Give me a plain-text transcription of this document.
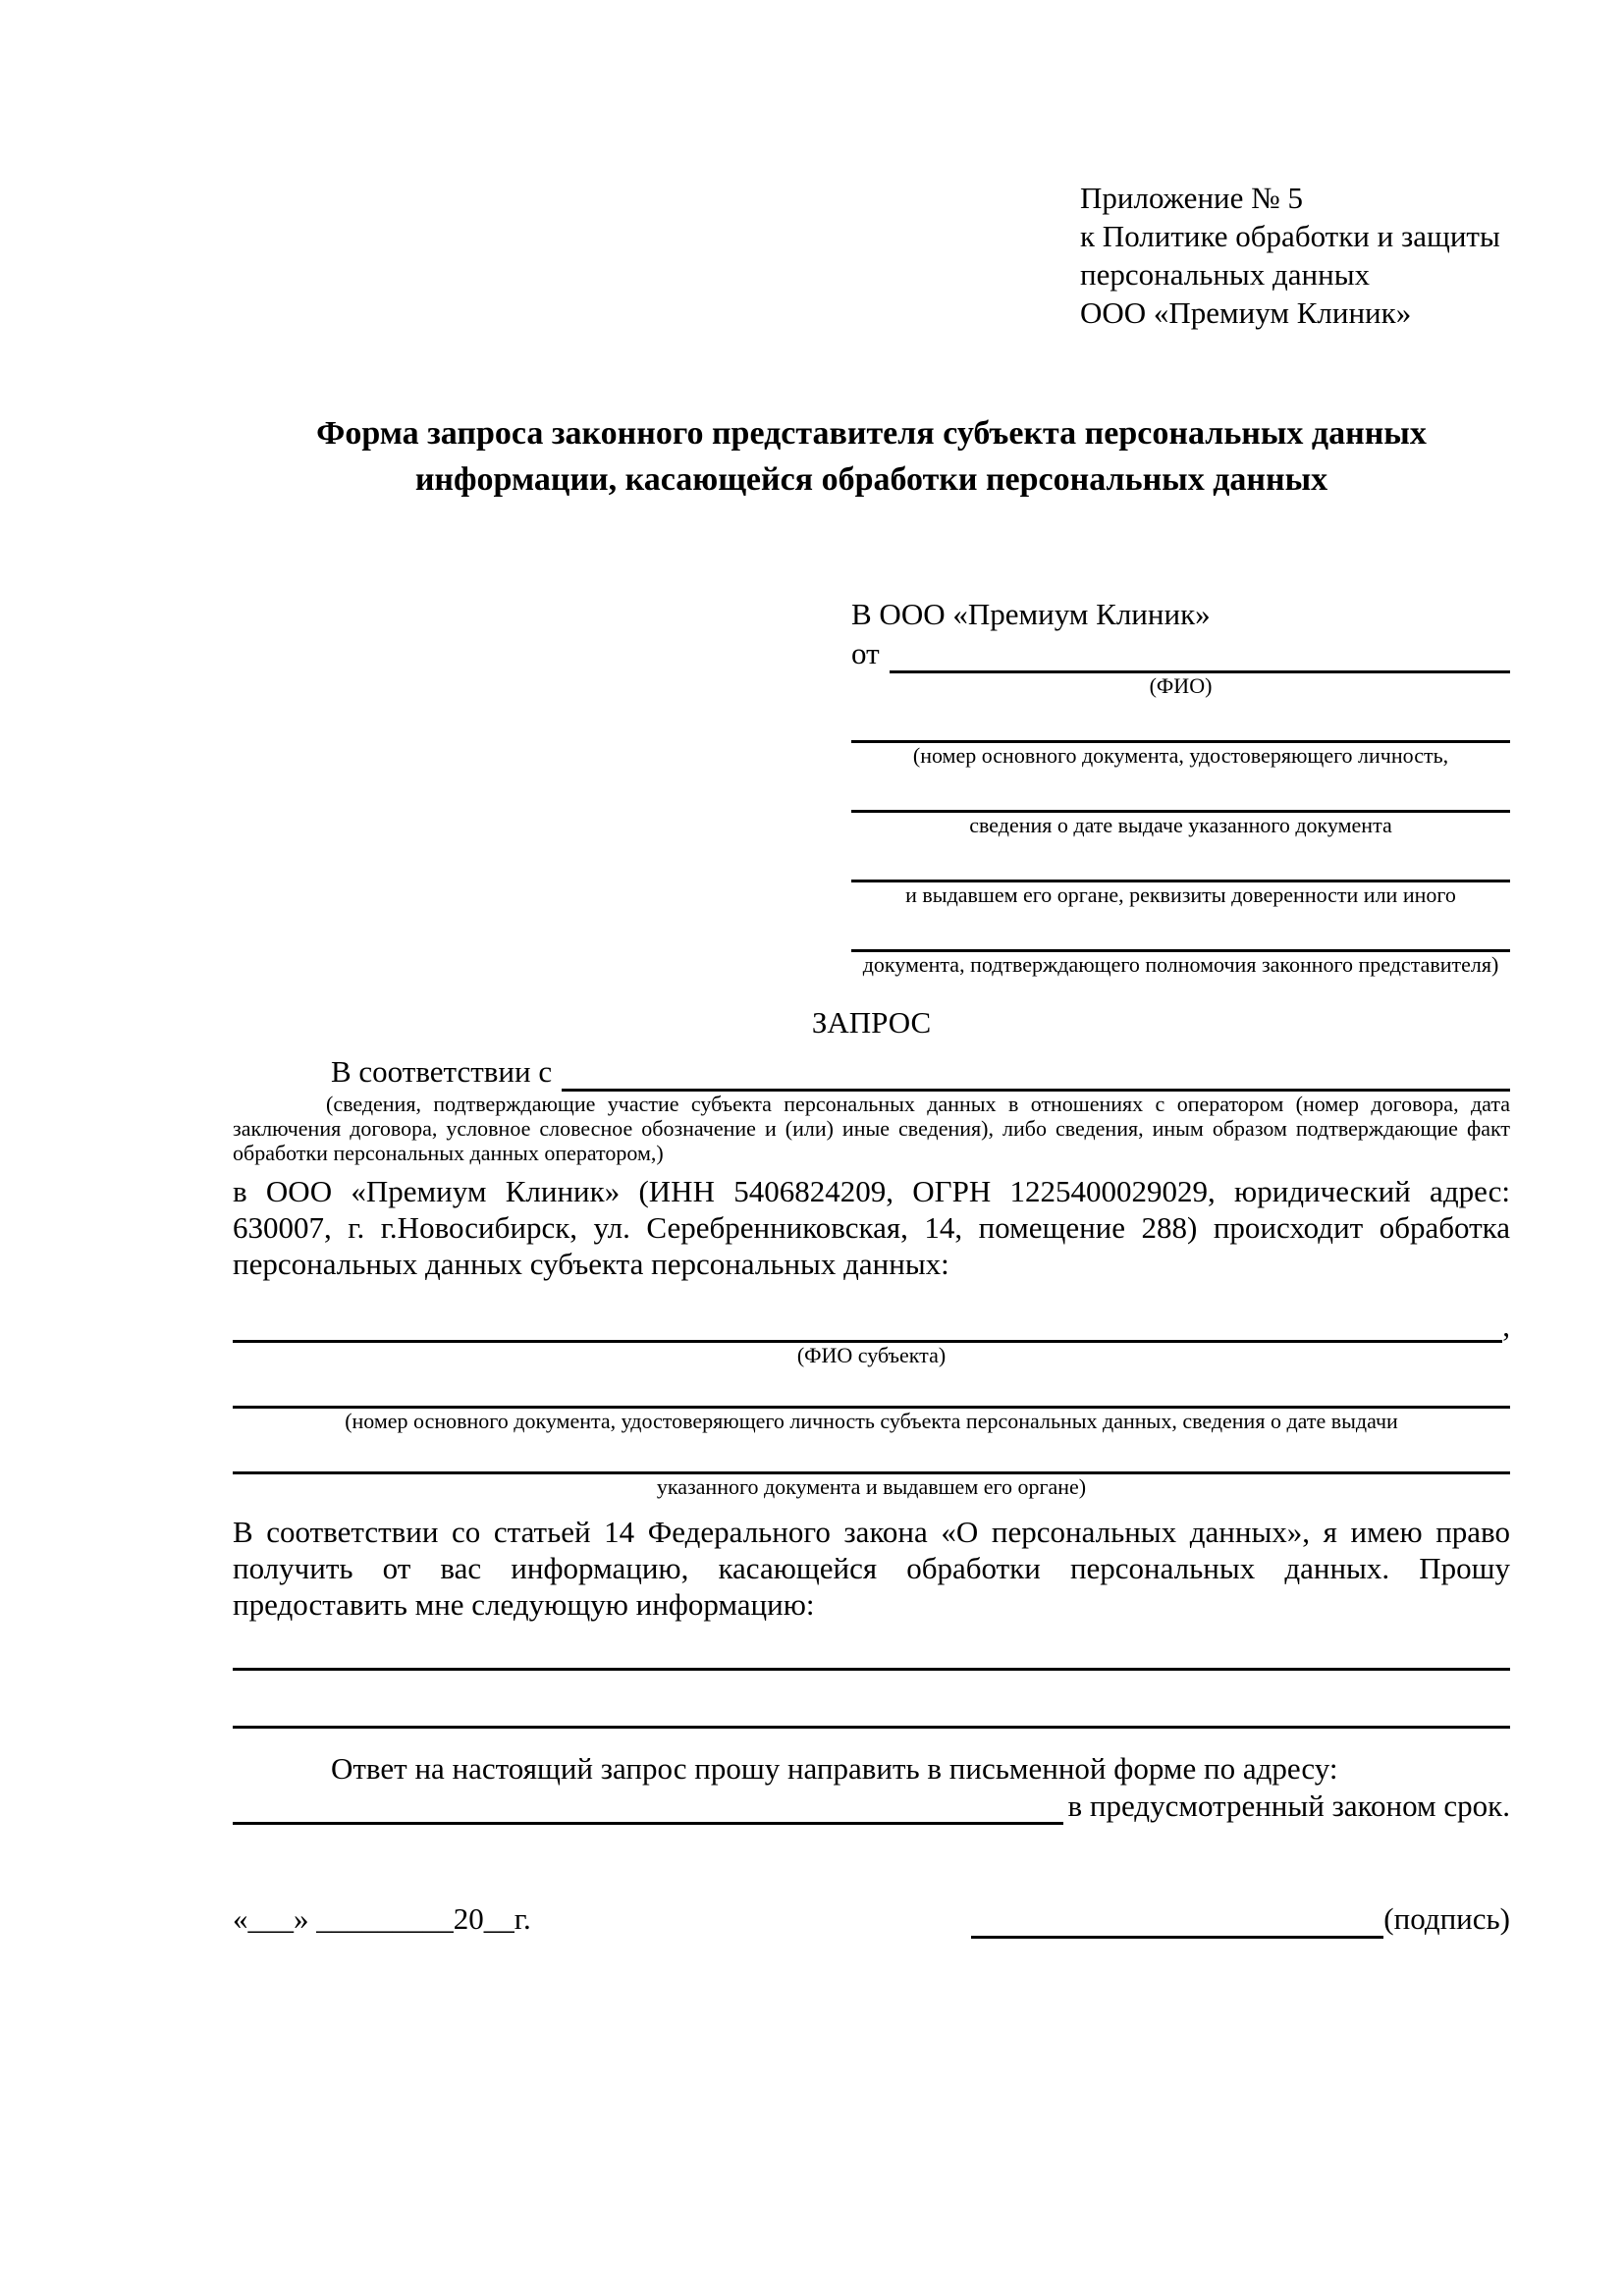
Приложение № 5
к Политике обработки и защиты
персональных данных
ООО «Премиум Клиник»
Форма запроса законного представителя субъекта персональных данных
информации, касающейся обработки персональных данных
В ООО «Премиум Клиник»
от
(ФИО)
(номер основного документа, удостоверяющего личность,
сведения о дате выдаче указанного документа
и выдавшем его органе, реквизиты доверенности или иного
документа, подтверждающего полномочия законного представителя)
ЗАПРОС
В соответствии с
(сведения, подтверждающие участие субъекта персональных данных в отношениях с оператором (номер договора, дата заключения договора, условное словесное обозначение и (или) иные сведения), либо сведения, иным образом подтверждающие факт обработки персональных данных оператором,)
в ООО «Премиум Клиник» (ИНН 5406824209, ОГРН 1225400029029, юридический адрес: 630007, г. г.Новосибирск, ул. Серебренниковская, 14, помещение 288) происходит обработка персональных данных субъекта персональных данных:
,
(ФИО субъекта)
(номер основного документа, удостоверяющего личность субъекта персональных данных, сведения о дате выдачи
указанного документа и выдавшем его органе)
В соответствии со статьей 14 Федерального закона «О персональных данных», я имею право получить от вас информацию, касающейся обработки персональных данных. Прошу предоставить мне следующую информацию:
Ответ на настоящий запрос прошу направить в письменной форме по адресу:
в предусмотренный законом срок.
«___» _________20__г.	(подпись)
